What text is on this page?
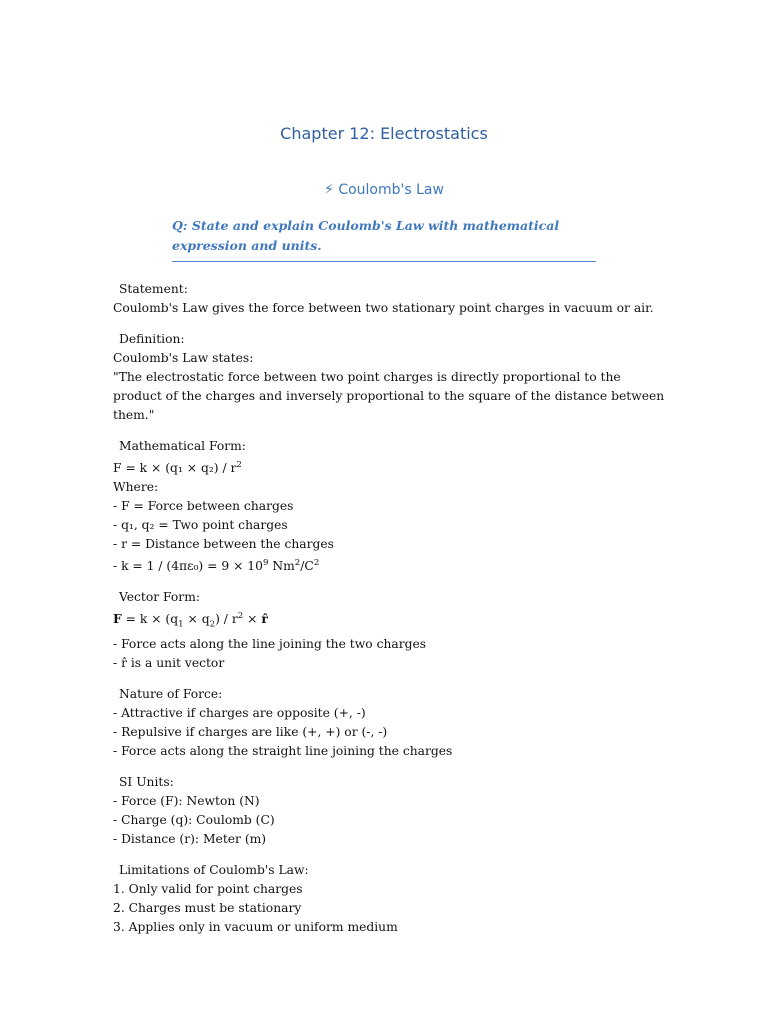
Chapter 12: Electrostatics
⚡ Coulomb's Law
Q: State and explain Coulomb's Law with mathematical expression and units.
Statement:
Coulomb's Law gives the force between two stationary point charges in vacuum or air.
Definition:
Coulomb's Law states:
"The electrostatic force between two point charges is directly proportional to the product of the charges and inversely proportional to the square of the distance between them."
Mathematical Form:
$F = k \times (q_1 \times q_2) / r^2$
Where:
- F = Force between charges
- q₁, q₂ = Two point charges
- r = Distance between the charges
- $k = 1 / (4\pi\varepsilon_0) = 9 \times 10^9$ $Nm^2/C^2$
Vector Form:
$F = k \times (q_1 \times q_2) / r^2$ × r̂
- Force acts along the line joining the two charges
- r̂ is a unit vector
Nature of Force:
- Attractive if charges are opposite (+, -)
- Repulsive if charges are like (+, +) or (-, -)
- Force acts along the straight line joining the charges
SI Units:
- Force (F): Newton (N)
- Charge (q): Coulomb (C)
- Distance (r): Meter (m)
Limitations of Coulomb's Law:
1. Only valid for point charges
2. Charges must be stationary
3. Applies only in vacuum or uniform medium
